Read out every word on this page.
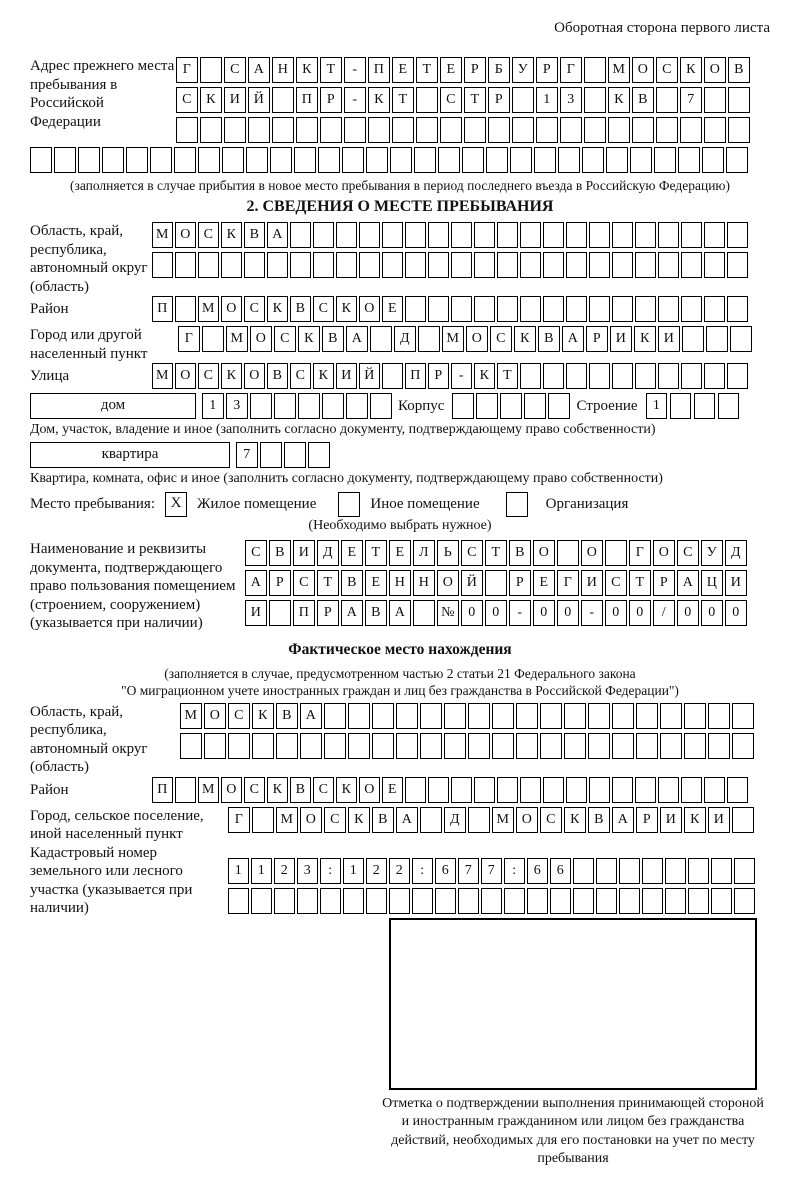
Оборотная сторона первого листа
Адрес прежнего места пребывания в Российской Федерации
Г	С	А Н	К	Т	-	П	Е	Т	Е	Р	Б	У	Р	Г	М О	С	К	О	В
С	К	И Й	П	Р	-	К	Т	С	Т	Р	1	3	К	В	7
(заполняется в случае прибытия в новое место пребывания в период последнего въезда в Российскую Федерацию)
2. СВЕДЕНИЯ О МЕСТЕ ПРЕБЫВАНИЯ
Область, край, республика, автономный округ (область)
М О С К В А
Район	П	М О С К В С К О Е
Город или другой населенный пункт
Г	М О	С	К	В	А	Д	М О	С	К	В	А	Р	И	К	И
Улица	М О С К О В С К И Й	П	Р	-	К	Т
дом	1	3	Корпус	Строение	1
Дом, участок, владение и иное (заполнить согласно документу, подтверждающему право собственности)
квартира	7
Квартира, комната, офис и иное (заполнить согласно документу, подтверждающему право собственности)
Место пребывания:	X	Жилое помещение	Иное помещение	Организация
(Необходимо выбрать нужное)
Наименование и реквизиты документа, подтверждающего право пользования помещением (строением, сооружением) (указывается при наличии)
С	В	И	Д	Е	Т	Е	Л	Ь	С	Т	В	О	О	Г	О	С	У	Д
А	Р	С	Т	В	Е	Н Н О Й	Р	Е	Г	И	С	Т	Р	А Ц И
И	П	Р	А	В	А	№ 0	0	-	0	0	-	0	0	/	0	0	0
Фактическое место нахождения
(заполняется в случае, предусмотренном частью 2 статьи 21 Федерального закона
"О миграционном учете иностранных граждан и лиц без гражданства в Российской Федерации")
Область, край, республика, автономный округ (область)
М О	С	К	В	А
Район	П	М О С К В С К О Е
Город, сельское поселение, иной населенный пункт
Г	М О	С	К	В	А	Д	М О	С	К	В	А	Р	И	К	И
Кадастровый номер земельного или лесного участка (указывается при наличии)
1	1	2	3	:	1	2	2	:	6	7	7	:	6	6
Отметка о подтверждении выполнения принимающей стороной и иностранным гражданином или лицом без гражданства действий, необходимых для его постановки на учет по месту пребывания
